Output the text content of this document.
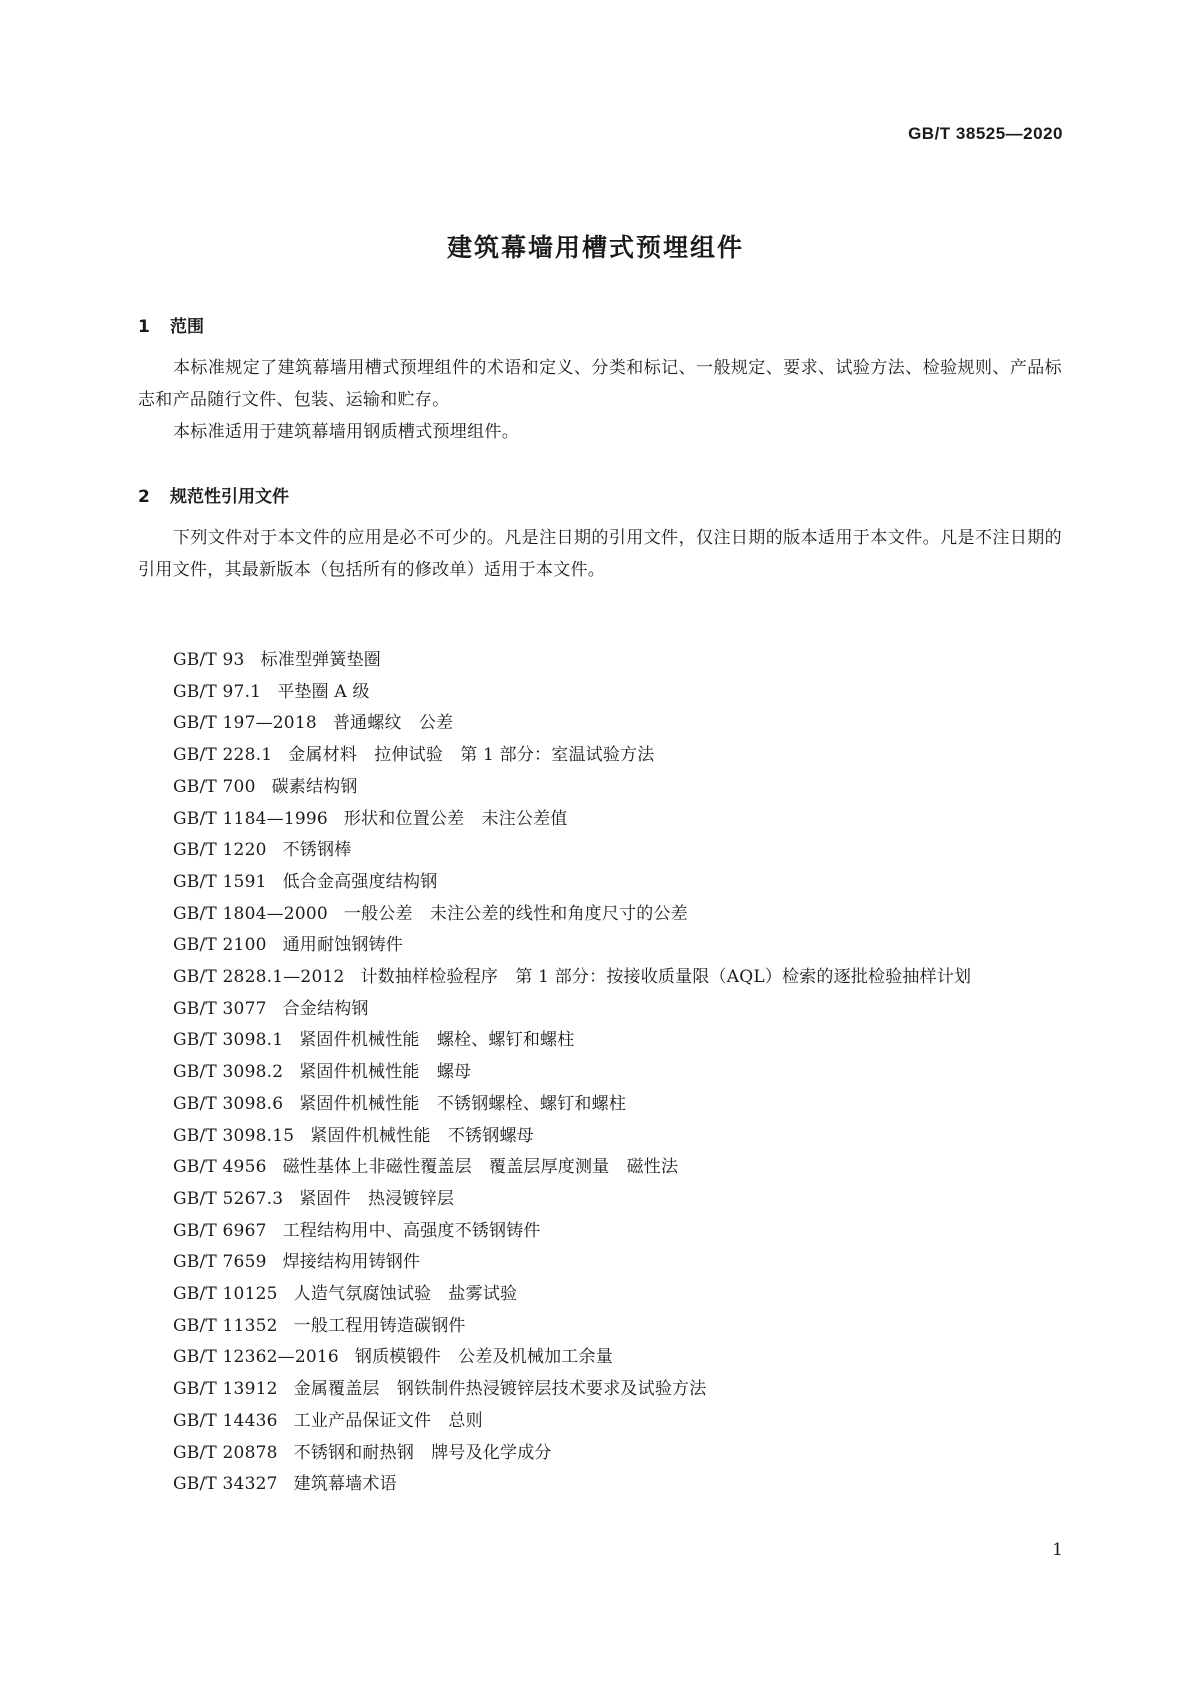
GB/T 38525—2020
建筑幕墙用槽式预埋组件
1 范围

本标准规定了建筑幕墙用槽式预埋组件的术语和定义、分类和标记、一般规定、要求、试验方法、检验规则、产品标志和产品随行文件、包装、运输和贮存。

本标准适用于建筑幕墙用钢质槽式预埋组件。

2 规范性引用文件

下列文件对于本文件的应用是必不可少的。凡是注日期的引用文件，仅注日期的版本适用于本文件。凡是不注日期的引用文件，其最新版本（包括所有的修改单）适用于本文件。

GB/T 93 标准型弹簧垫圈
GB/T 97.1 平垫圈 A 级
GB/T 197—2018 普通螺纹　公差
GB/T 228.1 金属材料　拉伸试验　第 1 部分：室温试验方法
GB/T 700 碳素结构钢
GB/T 1184—1996 形状和位置公差　未注公差值
GB/T 1220 不锈钢棒
GB/T 1591 低合金高强度结构钢
GB/T 1804—2000 一般公差　未注公差的线性和角度尺寸的公差
GB/T 2100 通用耐蚀钢铸件
GB/T 2828.1—2012 计数抽样检验程序　第 1 部分：按接收质量限（AQL）检索的逐批检验抽样计划
GB/T 3077 合金结构钢
GB/T 3098.1 紧固件机械性能　螺栓、螺钉和螺柱
GB/T 3098.2 紧固件机械性能　螺母
GB/T 3098.6 紧固件机械性能　不锈钢螺栓、螺钉和螺柱
GB/T 3098.15 紧固件机械性能　不锈钢螺母
GB/T 4956 磁性基体上非磁性覆盖层　覆盖层厚度测量　磁性法
GB/T 5267.3 紧固件　热浸镀锌层
GB/T 6967 工程结构用中、高强度不锈钢铸件
GB/T 7659 焊接结构用铸钢件
GB/T 10125 人造气氛腐蚀试验　盐雾试验
GB/T 11352 一般工程用铸造碳钢件
GB/T 12362—2016 钢质模锻件　公差及机械加工余量
GB/T 13912 金属覆盖层　钢铁制件热浸镀锌层技术要求及试验方法
GB/T 14436 工业产品保证文件　总则
GB/T 20878 不锈钢和耐热钢　牌号及化学成分
GB/T 34327 建筑幕墙术语
1
